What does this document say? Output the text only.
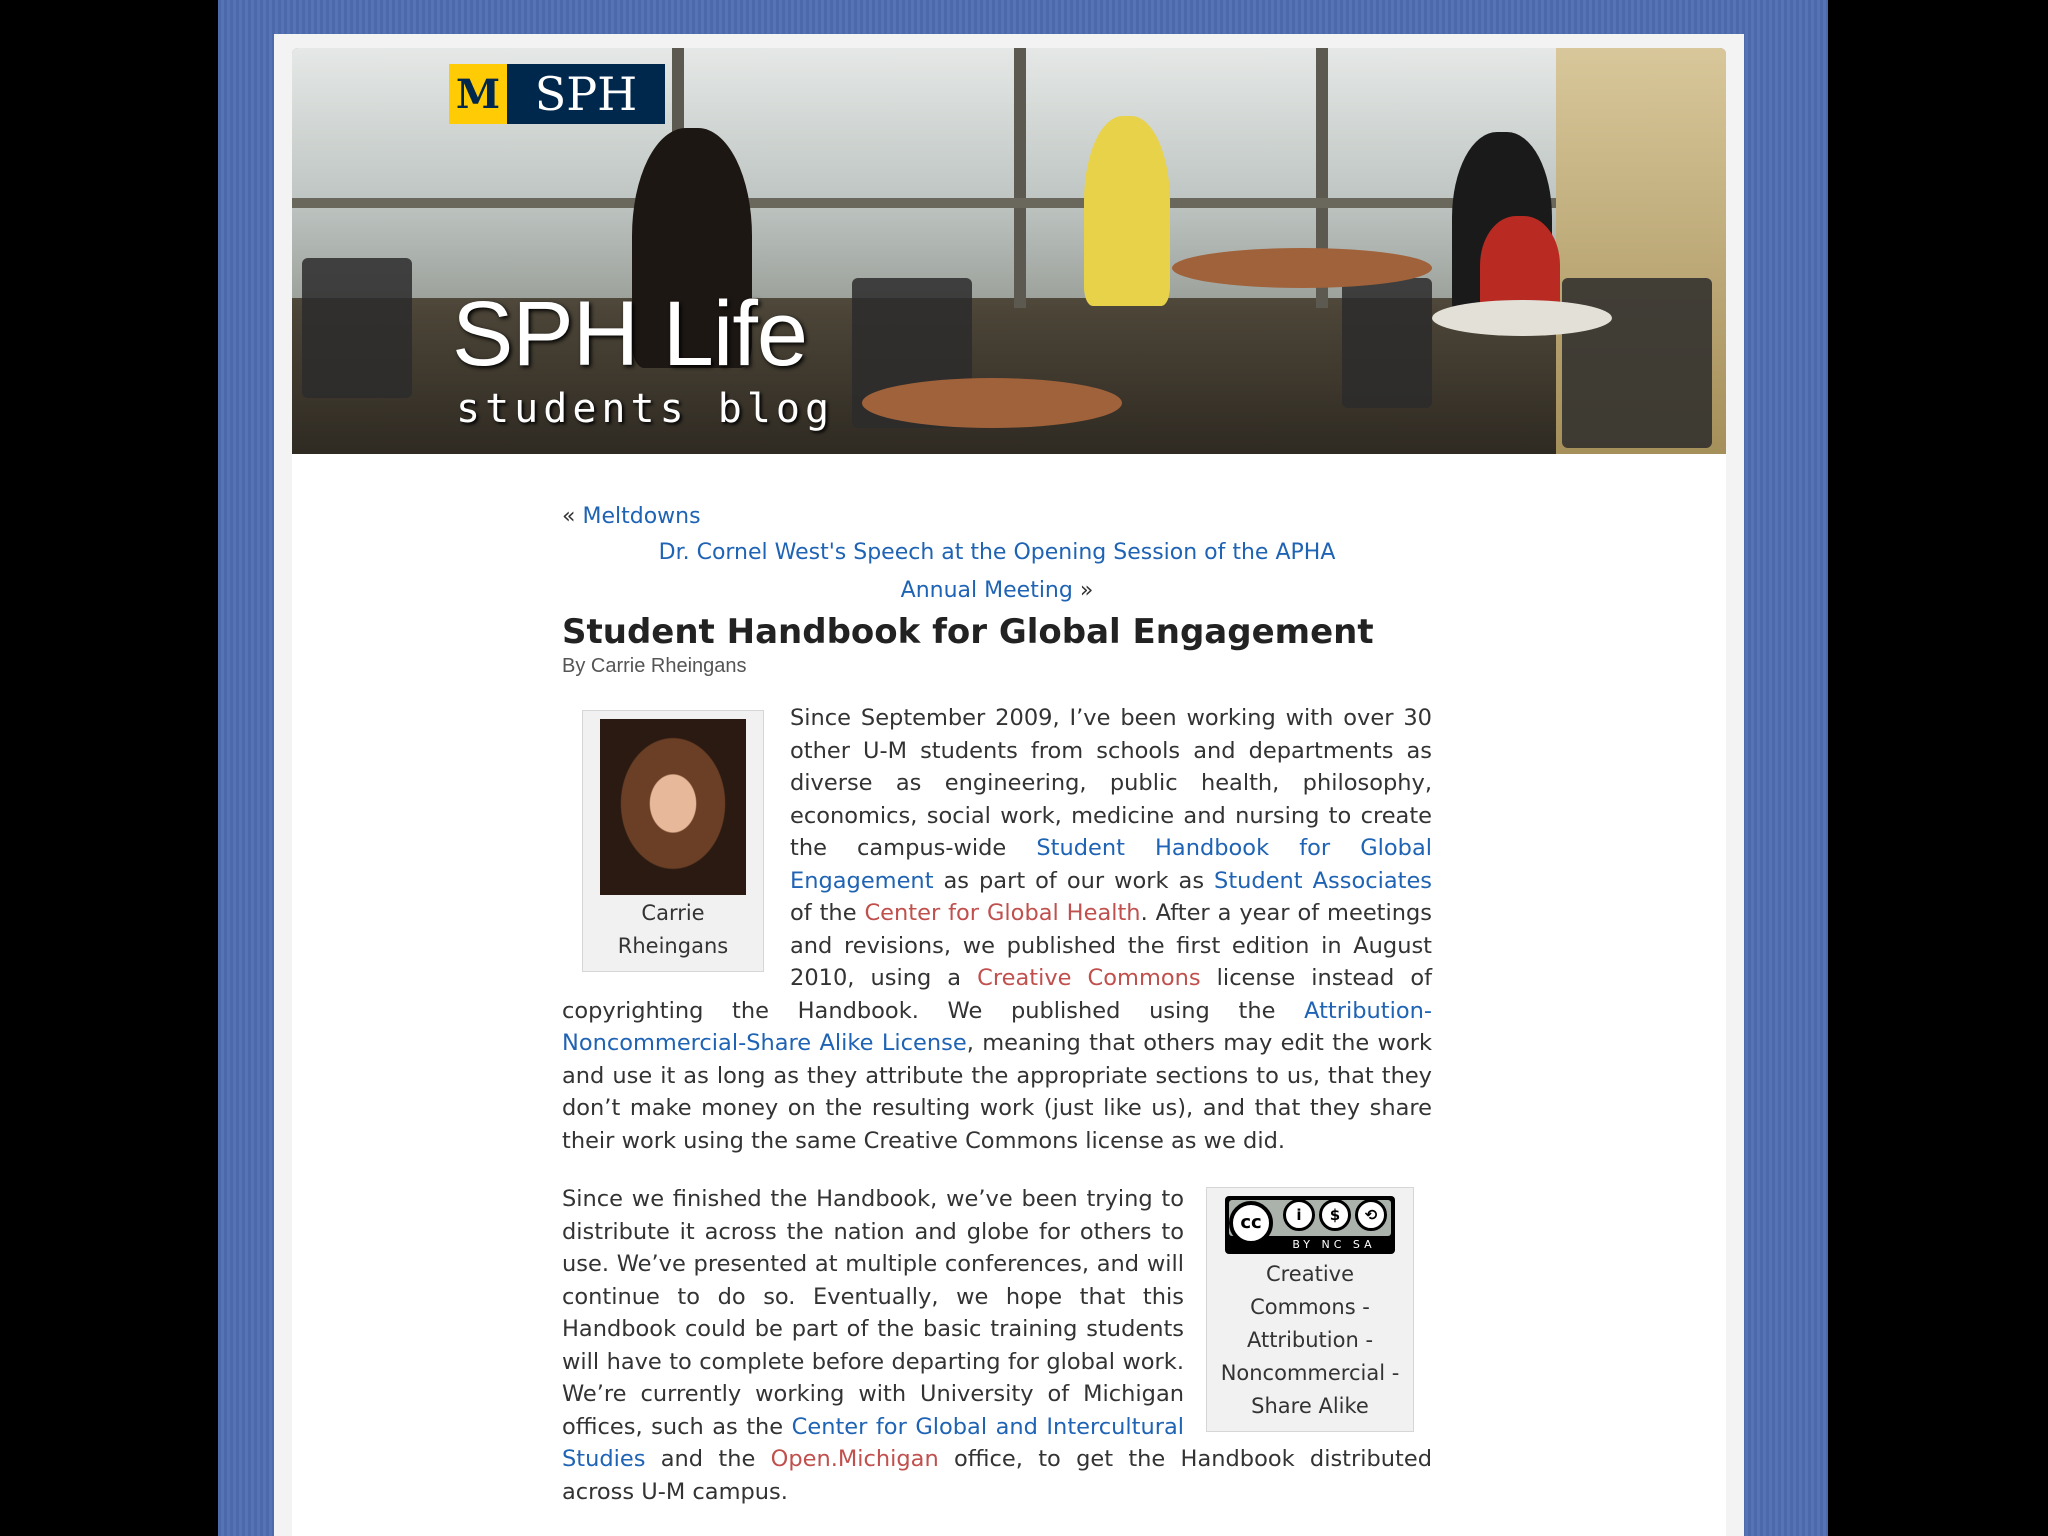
M SPH
SPH Life
students blog
« Meltdowns
Dr. Cornel West's Speech at the Opening Session of the APHA Annual Meeting »
Student Handbook for Global Engagement
By Carrie Rheingans
Carrie Rheingans

Since September 2009, I’ve been working with over 30 other U-M students from schools and departments as diverse as engineering, public health, philosophy, economics, social work, medicine and nursing to create the campus-wide Student Handbook for Global Engagement as part of our work as Student Associates of the Center for Global Health. After a year of meetings and revisions, we published the first edition in August 2010, using a Creative Commons license instead of copyrighting the Handbook. We published using the Attribution-Noncommercial-Share Alike License, meaning that others may edit the work and use it as long as they attribute the appropriate sections to us, that they don’t make money on the resulting work (just like us), and that they share their work using the same Creative Commons license as we did.

cc	i	$	⟲
BY NC SA
Creative Commons - Attribution - Noncommercial - Share Alike

Since we finished the Handbook, we’ve been trying to distribute it across the nation and globe for others to use. We’ve presented at multiple conferences, and will continue to do so. Eventually, we hope that this Handbook could be part of the basic training students will have to complete before departing for global work. We’re currently working with University of Michigan offices, such as the Center for Global and Intercultural Studies and the Open.Michigan office, to get the Handbook distributed across U-M campus.
